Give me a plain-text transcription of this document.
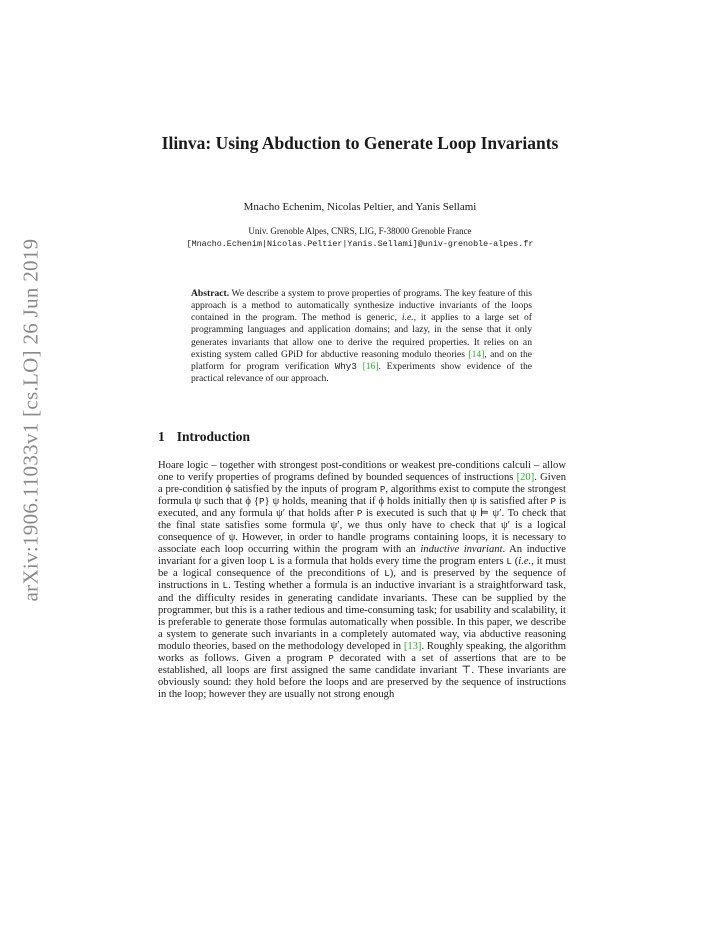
arXiv:1906.11033v1 [cs.LO] 26 Jun 2019
Ilinva: Using Abduction to Generate Loop Invariants
Mnacho Echenim, Nicolas Peltier, and Yanis Sellami
Univ. Grenoble Alpes, CNRS, LIG, F-38000 Grenoble France
[Mnacho.Echenim|Nicolas.Peltier|Yanis.Sellami]@univ-grenoble-alpes.fr
Abstract. We describe a system to prove properties of programs. The key feature of this approach is a method to automatically synthesize inductive invariants of the loops contained in the program. The method is generic, i.e., it applies to a large set of programming languages and application domains; and lazy, in the sense that it only generates invariants that allow one to derive the required properties. It relies on an existing system called GPiD for abductive reasoning modulo theories [14], and on the platform for program verification Why3 [16]. Experiments show evidence of the practical relevance of our approach.
1 Introduction
Hoare logic – together with strongest post-conditions or weakest pre-conditions calculi – allow one to verify properties of programs defined by bounded sequences of instructions [20]. Given a pre-condition ϕ satisfied by the inputs of program P, algorithms exist to compute the strongest formula ψ such that ϕ {P} ψ holds, meaning that if ϕ holds initially then ψ is satisfied after P is executed, and any formula ψ′ that holds after P is executed is such that ψ ⊨ ψ′. To check that the final state satisfies some formula ψ′, we thus only have to check that ψ′ is a logical consequence of ψ. However, in order to handle programs containing loops, it is necessary to associate each loop occurring within the program with an inductive invariant. An inductive invariant for a given loop L is a formula that holds every time the program enters L (i.e., it must be a logical consequence of the preconditions of L), and is preserved by the sequence of instructions in L. Testing whether a formula is an inductive invariant is a straightforward task, and the difficulty resides in generating candidate invariants. These can be supplied by the programmer, but this is a rather tedious and time-consuming task; for usability and scalability, it is preferable to generate those formulas automatically when possible. In this paper, we describe a system to generate such invariants in a completely automated way, via abductive reasoning modulo theories, based on the methodology developed in [13]. Roughly speaking, the algorithm works as follows. Given a program P decorated with a set of assertions that are to be established, all loops are first assigned the same candidate invariant ⊤. These invariants are obviously sound: they hold before the loops and are preserved by the sequence of instructions in the loop; however they are usually not strong enough
